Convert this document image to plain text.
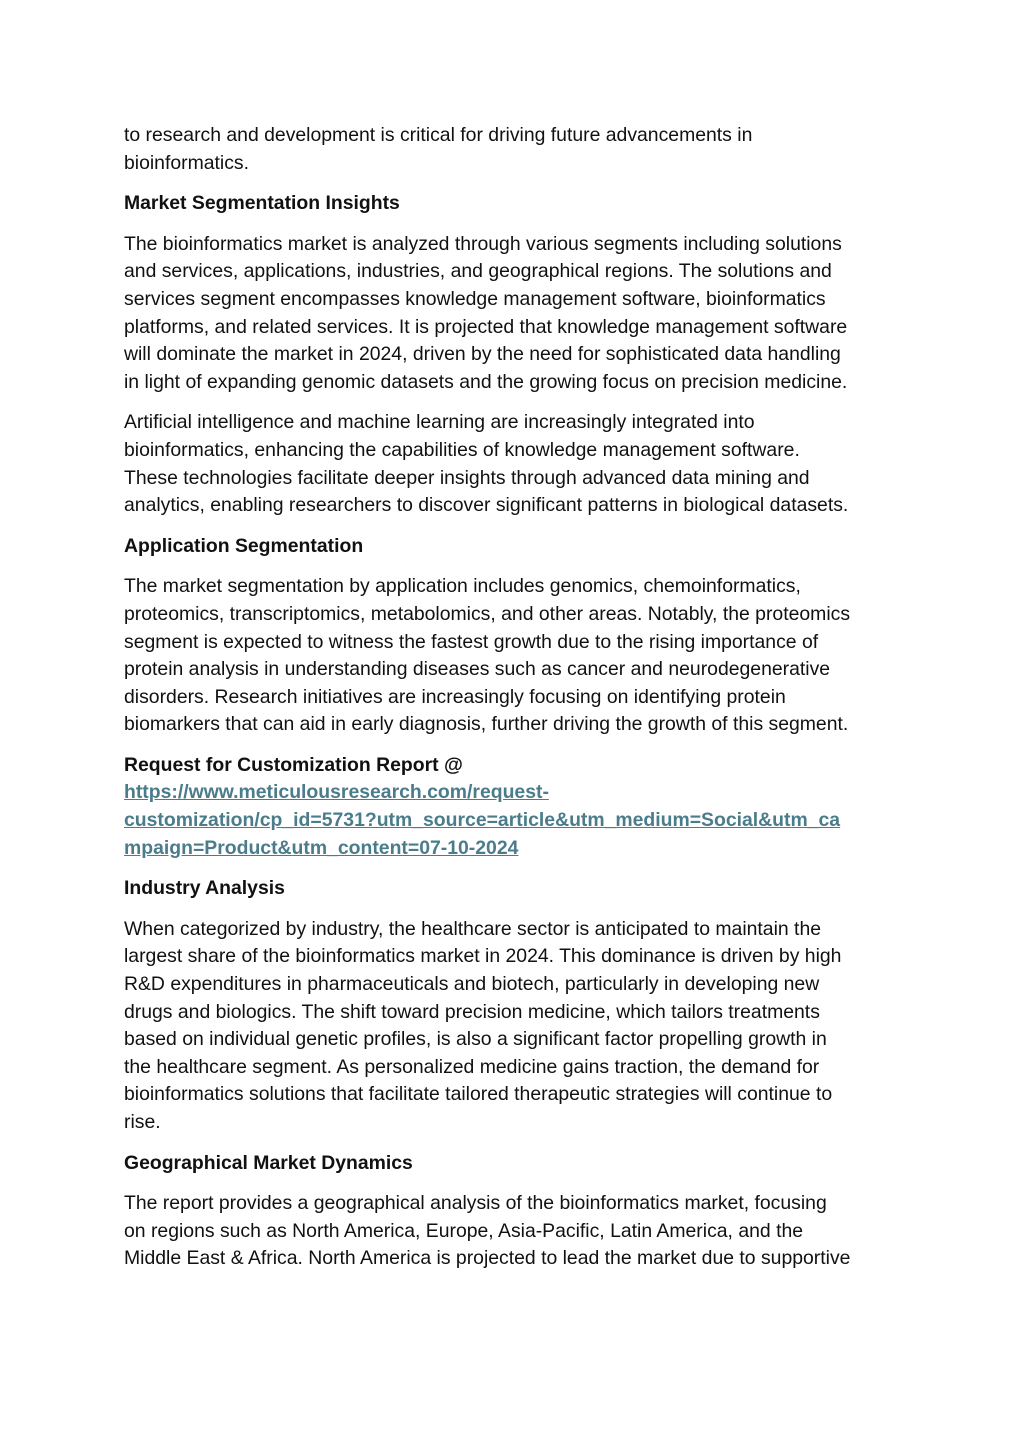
to research and development is critical for driving future advancements in
bioinformatics.

Market Segmentation Insights

The bioinformatics market is analyzed through various segments including solutions
and services, applications, industries, and geographical regions. The solutions and
services segment encompasses knowledge management software, bioinformatics
platforms, and related services. It is projected that knowledge management software
will dominate the market in 2024, driven by the need for sophisticated data handling
in light of expanding genomic datasets and the growing focus on precision medicine.

Artificial intelligence and machine learning are increasingly integrated into
bioinformatics, enhancing the capabilities of knowledge management software.
These technologies facilitate deeper insights through advanced data mining and
analytics, enabling researchers to discover significant patterns in biological datasets.

Application Segmentation

The market segmentation by application includes genomics, chemoinformatics,
proteomics, transcriptomics, metabolomics, and other areas. Notably, the proteomics
segment is expected to witness the fastest growth due to the rising importance of
protein analysis in understanding diseases such as cancer and neurodegenerative
disorders. Research initiatives are increasingly focusing on identifying protein
biomarkers that can aid in early diagnosis, further driving the growth of this segment.

Request for Customization Report @
https://www.meticulousresearch.com/request-
customization/cp_id=5731?utm_source=article&utm_medium=Social&utm_ca
mpaign=Product&utm_content=07-10-2024
Industry Analysis

When categorized by industry, the healthcare sector is anticipated to maintain the
largest share of the bioinformatics market in 2024. This dominance is driven by high
R&D expenditures in pharmaceuticals and biotech, particularly in developing new
drugs and biologics. The shift toward precision medicine, which tailors treatments
based on individual genetic profiles, is also a significant factor propelling growth in
the healthcare segment. As personalized medicine gains traction, the demand for
bioinformatics solutions that facilitate tailored therapeutic strategies will continue to
rise.

Geographical Market Dynamics

The report provides a geographical analysis of the bioinformatics market, focusing
on regions such as North America, Europe, Asia-Pacific, Latin America, and the
Middle East & Africa. North America is projected to lead the market due to supportive
